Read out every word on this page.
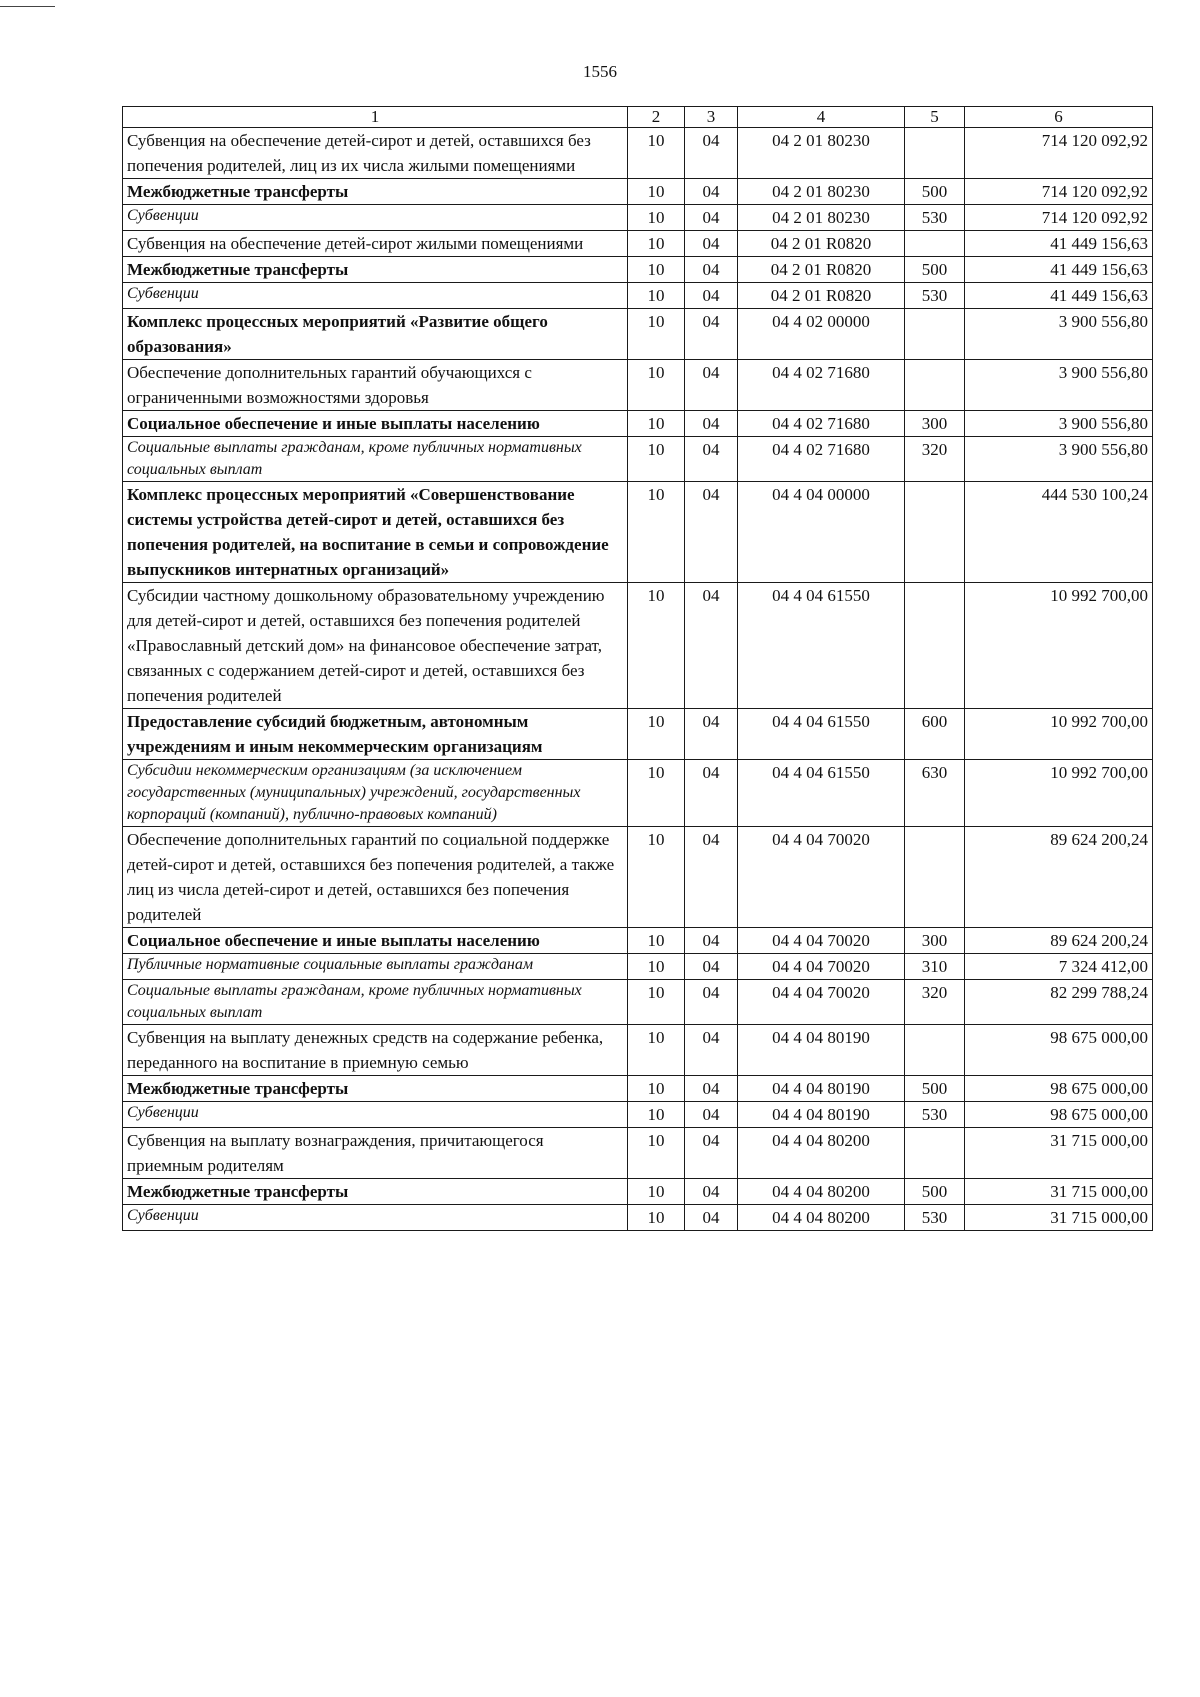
1556
1	2	3	4	5	6
Субвенция на обеспечение детей-сирот и детей, оставшихся без попечения родителей, лиц из их числа жилыми помещениями	10	04	04 2 01 80230		714 120 092,92
Межбюджетные трансферты	10	04	04 2 01 80230	500	714 120 092,92
Субвенции	10	04	04 2 01 80230	530	714 120 092,92
Субвенция на обеспечение детей-сирот жилыми помещениями	10	04	04 2 01 R0820		41 449 156,63
Межбюджетные трансферты	10	04	04 2 01 R0820	500	41 449 156,63
Субвенции	10	04	04 2 01 R0820	530	41 449 156,63
Комплекс процессных мероприятий «Развитие общего образования»	10	04	04 4 02 00000		3 900 556,80
Обеспечение дополнительных гарантий обучающихся с ограниченными возможностями здоровья	10	04	04 4 02 71680		3 900 556,80
Социальное обеспечение и иные выплаты населению	10	04	04 4 02 71680	300	3 900 556,80
Социальные выплаты гражданам, кроме публичных нормативных социальных выплат	10	04	04 4 02 71680	320	3 900 556,80
Комплекс процессных мероприятий «Совершенствование системы устройства детей-сирот и детей, оставшихся без попечения родителей, на воспитание в семьи и сопровождение выпускников интернатных организаций»	10	04	04 4 04 00000		444 530 100,24
Субсидии частному дошкольному образовательному учреждению для детей-сирот и детей, оставшихся без попечения родителей «Православный детский дом» на финансовое обеспечение затрат, связанных с содержанием детей-сирот и детей, оставшихся без попечения родителей	10	04	04 4 04 61550		10 992 700,00
Предоставление субсидий бюджетным, автономным учреждениям и иным некоммерческим организациям	10	04	04 4 04 61550	600	10 992 700,00
Субсидии некоммерческим организациям (за исключением государственных (муниципальных) учреждений, государственных корпораций (компаний), публично-правовых компаний)	10	04	04 4 04 61550	630	10 992 700,00
Обеспечение дополнительных гарантий по социальной поддержке детей-сирот и детей, оставшихся без попечения родителей, а также лиц из числа детей-сирот и детей, оставшихся без попечения родителей	10	04	04 4 04 70020		89 624 200,24
Социальное обеспечение и иные выплаты населению	10	04	04 4 04 70020	300	89 624 200,24
Публичные нормативные социальные выплаты гражданам	10	04	04 4 04 70020	310	7 324 412,00
Социальные выплаты гражданам, кроме публичных нормативных социальных выплат	10	04	04 4 04 70020	320	82 299 788,24
Субвенция на выплату денежных средств на содержание ребенка, переданного на воспитание в приемную семью	10	04	04 4 04 80190		98 675 000,00
Межбюджетные трансферты	10	04	04 4 04 80190	500	98 675 000,00
Субвенции	10	04	04 4 04 80190	530	98 675 000,00
Субвенция на выплату вознаграждения, причитающегося приемным родителям	10	04	04 4 04 80200		31 715 000,00
Межбюджетные трансферты	10	04	04 4 04 80200	500	31 715 000,00
Субвенции	10	04	04 4 04 80200	530	31 715 000,00
